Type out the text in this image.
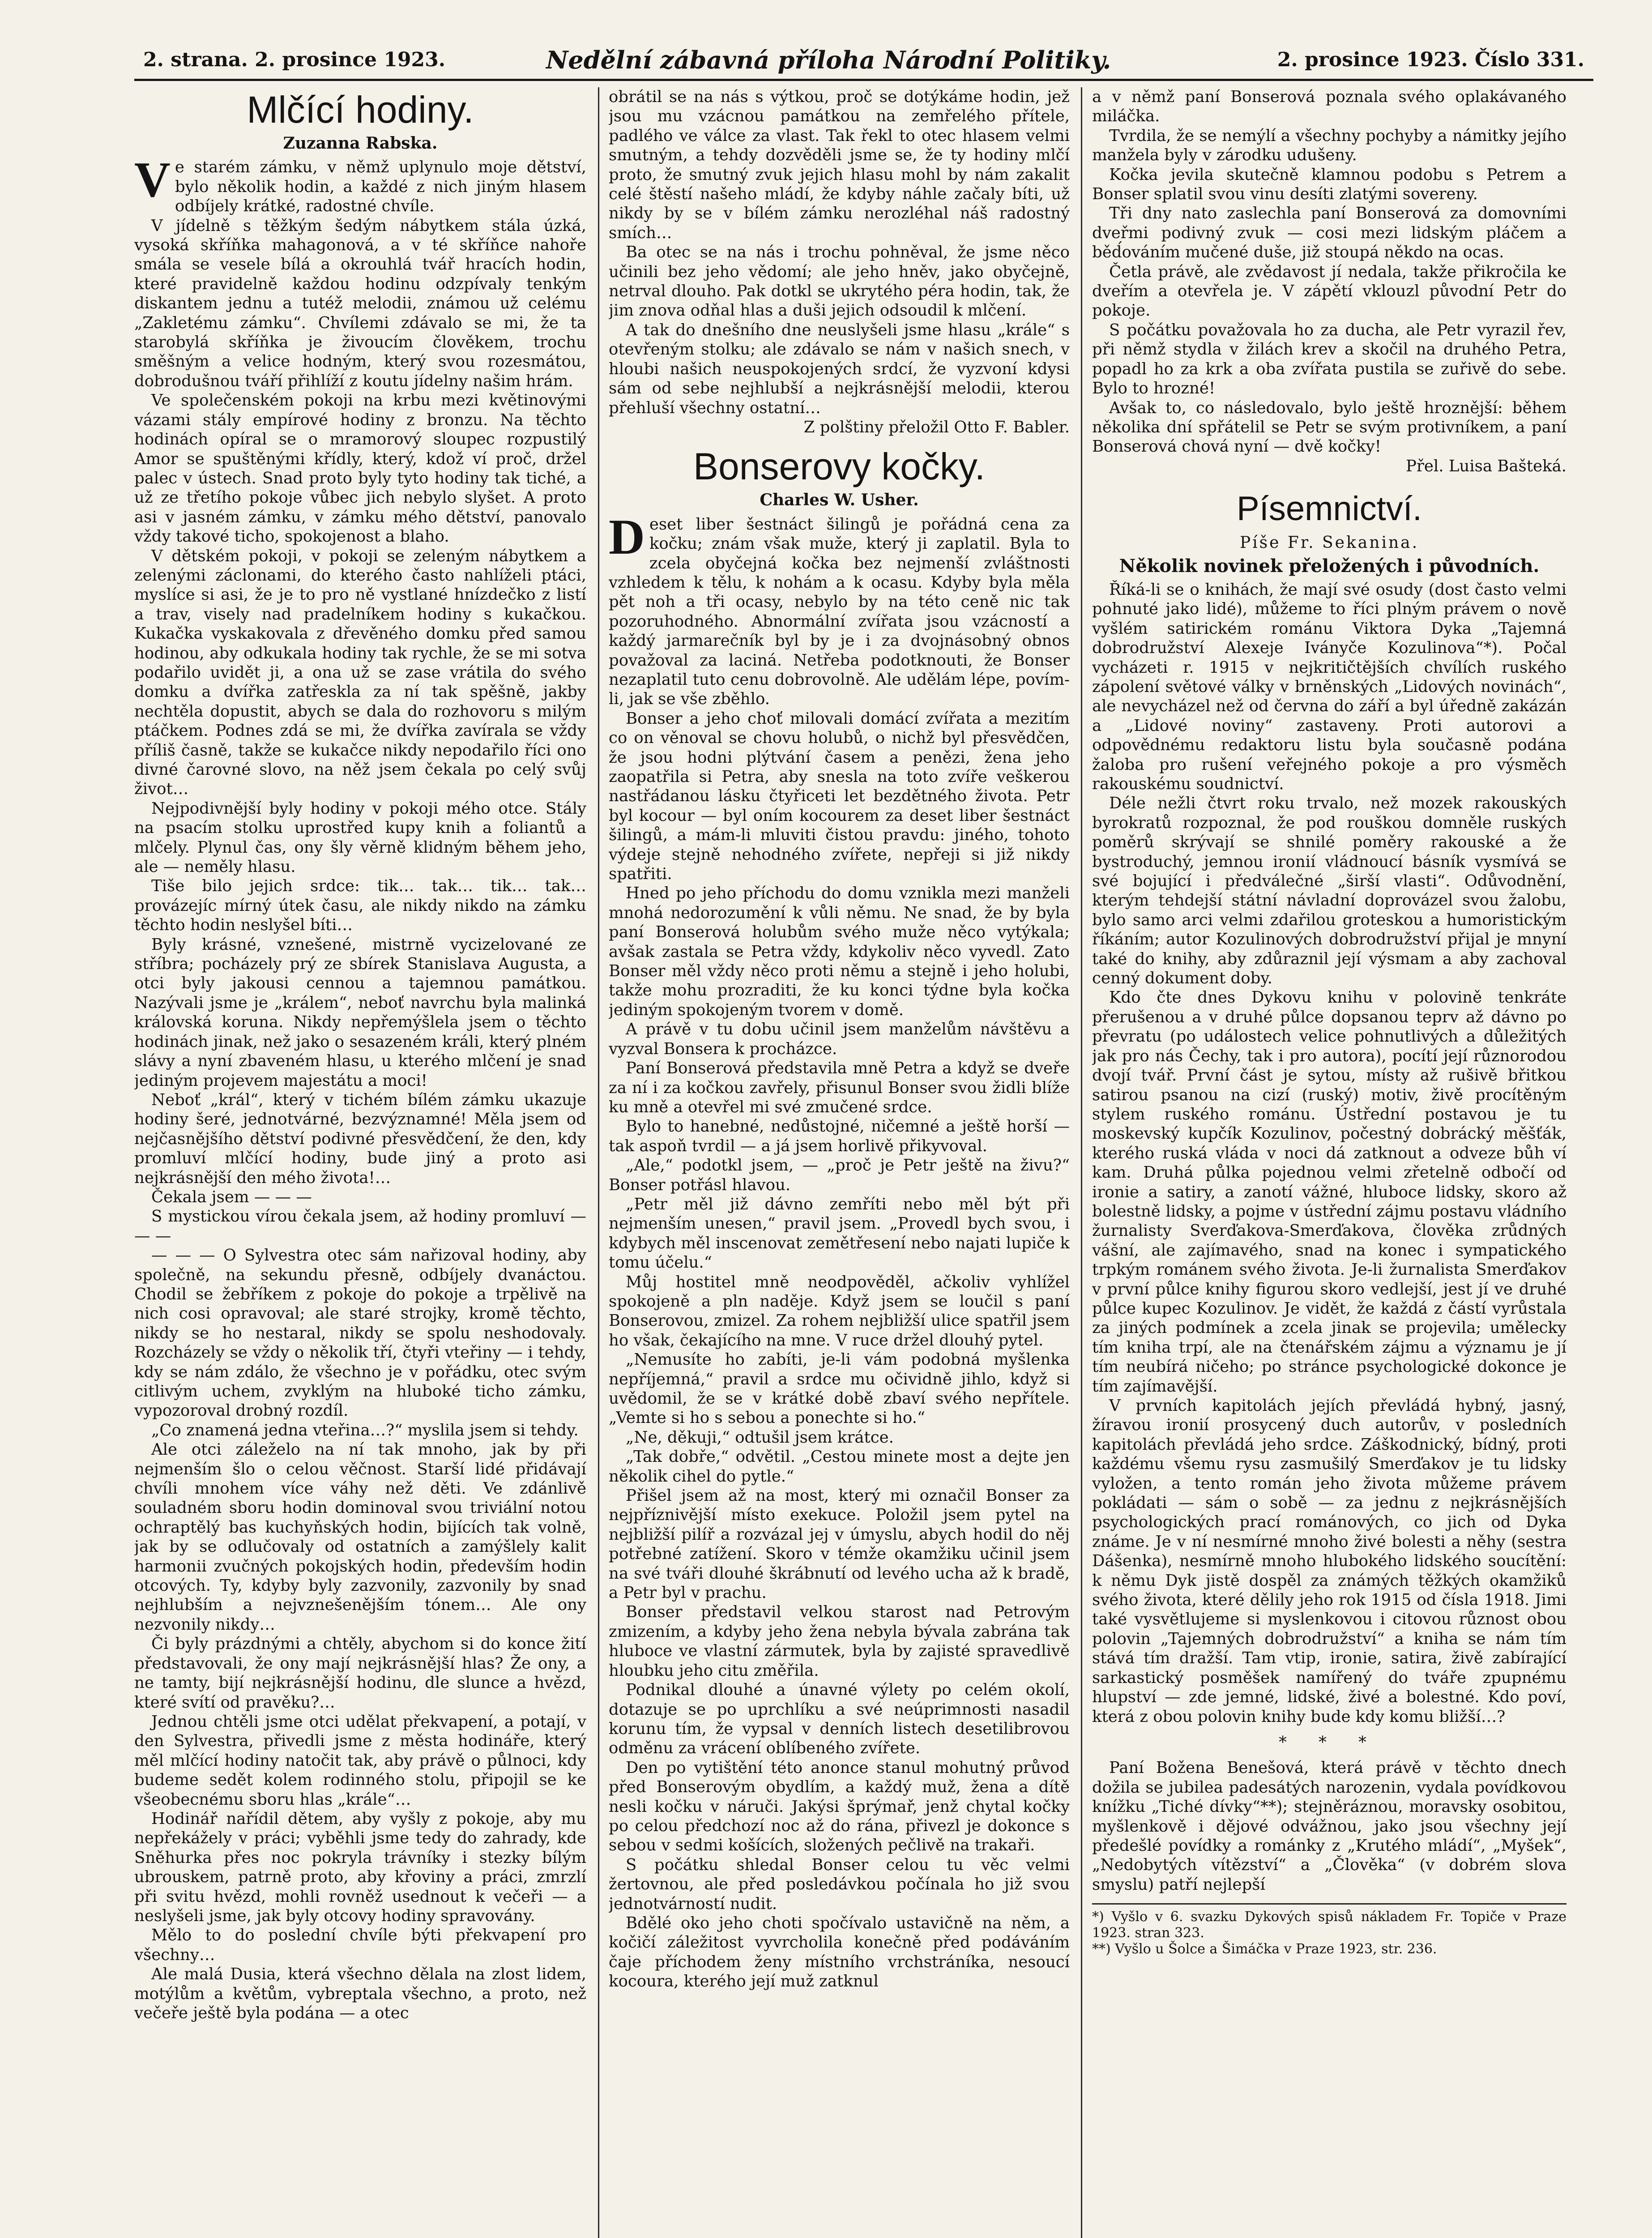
2. strana. 2. prosince 1923.	Nedělní zábavná příloha Národní Politiky.	2. prosince 1923. Číslo 331.
Mlčící hodiny.
Zuzanna Rabska.

Ve starém zámku, v němž uplynulo moje dětství, bylo několik hodin, a každé z nich jiným hlasem odbíjely krátké, radostné chvíle.

V jídelně s těžkým šedým nábytkem stála úzká, vysoká skříňka mahagonová, a v té skříňce nahoře smála se vesele bílá a okrouhlá tvář hracích hodin, které pravidelně každou hodinu odzpívaly tenkým diskantem jednu a tutéž melodii, známou už celému „Zakletému zámku“. Chvílemi zdávalo se mi, že ta starobylá skříňka je živoucím člověkem, trochu směšným a velice hodným, který svou rozesmátou, dobrodušnou tváří přihlíží z koutu jídelny našim hrám.

Ve společenském pokoji na krbu mezi květinovými vázami stály empírové hodiny z bronzu. Na těchto hodinách opíral se o mramorový sloupec rozpustilý Amor se spuštěnými křídly, který, kdož ví proč, držel palec v ústech. Snad proto byly tyto hodiny tak tiché, a už ze třetího pokoje vůbec jich nebylo slyšet. A proto asi v jasném zámku, v zámku mého dětství, panovalo vždy takové ticho, spokojenost a blaho.

V dětském pokoji, v pokoji se zeleným nábytkem a zelenými záclonami, do kterého často nahlíželi ptáci, myslíce si asi, že je to pro ně vystlané hnízdečko z listí a trav, visely nad pradelníkem hodiny s kukačkou. Kukačka vyskakovala z dřevěného domku před samou hodinou, aby odkukala hodiny tak rychle, že se mi sotva podařilo uvidět ji, a ona už se zase vrátila do svého domku a dvířka zatřeskla za ní tak spěšně, jakby nechtěla dopustit, abych se dala do rozhovoru s milým ptáčkem. Podnes zdá se mi, že dvířka zavírala se vždy příliš časně, takže se kukačce nikdy nepodařilo říci ono divné čarovné slovo, na něž jsem čekala po celý svůj život…

Nejpodivnější byly hodiny v pokoji mého otce. Stály na psacím stolku uprostřed kupy knih a foliantů a mlčely. Plynul čas, ony šly věrně klidným během jeho, ale — neměly hlasu.

Tiše bilo jejich srdce: tik… tak… tik… tak… provázejíc mírný útek času, ale nikdy nikdo na zámku těchto hodin neslyšel bíti…

Byly krásné, vznešené, mistrně vycizelované ze stříbra; pocházely prý ze sbírek Stanislava Augusta, a otci byly jakousi cennou a tajemnou památkou. Nazývali jsme je „králem“, neboť navrchu byla malinká královská koruna. Nikdy nepřemýšlela jsem o těchto hodinách jinak, než jako o sesazeném králi, který plném slávy a nyní zbaveném hlasu, u kterého mlčení je snad jediným projevem majestátu a moci!

Neboť „král“, který v tichém bílém zámku ukazuje hodiny šeré, jednotvárné, bezvýznamné! Měla jsem od nejčasnějšího dětství podivné přesvědčení, že den, kdy promluví mlčící hodiny, bude jiný a proto asi nejkrásnější den mého života!…

Čekala jsem — — —

S mystickou vírou čekala jsem, až hodiny promluví — — —

— — — O Sylvestra otec sám nařizoval hodiny, aby společně, na sekundu přesně, odbíjely dvanáctou. Chodil se žebříkem z pokoje do pokoje a trpělivě na nich cosi opravoval; ale staré strojky, kromě těchto, nikdy se ho nestaral, nikdy se spolu neshodovaly. Rozcházely se vždy o několik tří, čtyři vteřiny — i tehdy, kdy se nám zdálo, že všechno je v pořádku, otec svým citlivým uchem, zvyklým na hluboké ticho zámku, vypozoroval drobný rozdíl.

„Co znamená jedna vteřina…?“ myslila jsem si tehdy.

Ale otci záleželo na ní tak mnoho, jak by při nejmenším šlo o celou věčnost. Starší lidé přidávají chvíli mnohem více váhy než děti. Ve zdánlivě souladném sboru hodin dominoval svou triviální notou ochraptělý bas kuchyňských hodin, bijících tak volně, jak by se odlučovaly od ostatních a zamýšlely kalit harmonii zvučných pokojských hodin, především hodin otcových. Ty, kdyby byly zazvonily, zazvonily by snad nejhlubším a nejvznešenějším tónem… Ale ony nezvonily nikdy…

Či byly prázdnými a chtěly, abychom si do konce žití představovali, že ony mají nejkrásnější hlas? Že ony, a ne tamty, bijí nejkrásnější hodinu, dle slunce a hvězd, které svítí od pravěku?…

Jednou chtěli jsme otci udělat překvapení, a potají, v den Sylvestra, přivedli jsme z města hodináře, který měl mlčící hodiny natočit tak, aby právě o půlnoci, kdy budeme sedět kolem rodinného stolu, připojil se ke všeobecnému sboru hlas „krále“…

Hodinář nařídil dětem, aby vyšly z pokoje, aby mu nepřekážely v práci; vyběhli jsme tedy do zahrady, kde Sněhurka přes noc pokryla trávníky i stezky bílým ubrouskem, patrně proto, aby křoviny a práci, zmrzlí při svitu hvězd, mohli rovněž usednout k večeři — a neslyšeli jsme, jak byly otcovy hodiny spravovány.

Mělo to do poslední chvíle býti překvapení pro všechny…

Ale malá Dusia, která všechno dělala na zlost lidem, motýlům a květům, vybreptala všechno, a proto, než večeře ještě byla podána — a otec

obrátil se na nás s výtkou, proč se dotýkáme hodin, jež jsou mu vzácnou památkou na zemřelého přítele, padlého ve válce za vlast. Tak řekl to otec hlasem velmi smutným, a tehdy dozvěděli jsme se, že ty hodiny mlčí proto, že smutný zvuk jejich hlasu mohl by nám zakalit celé štěstí našeho mládí, že kdyby náhle začaly bíti, už nikdy by se v bílém zámku nerozléhal náš radostný smích…

Ba otec se na nás i trochu pohněval, že jsme něco učinili bez jeho vědomí; ale jeho hněv, jako obyčejně, netrval dlouho. Pak dotkl se ukrytého péra hodin, tak, že jim znova odňal hlas a duši jejich odsoudil k mlčení.

A tak do dnešního dne neuslyšeli jsme hlasu „krále“ s otevřeným stolku; ale zdávalo se nám v našich snech, v hloubi našich neuspokojených srdcí, že vyzvoní kdysi sám od sebe nejhlubší a nejkrásnější melodii, kterou přehluší všechny ostatní…

Z polštiny přeložil Otto F. Babler.

Bonserovy kočky.
Charles W. Usher.

Deset liber šestnáct šilingů je pořádná cena za kočku; znám však muže, který ji zaplatil. Byla to zcela obyčejná kočka bez nejmenší zvláštnosti vzhledem k tělu, k nohám a k ocasu. Kdyby byla měla pět noh a tři ocasy, nebylo by na této ceně nic tak pozoruhodného. Abnormální zvířata jsou vzácností a každý jarmarečník byl by je i za dvojnásobný obnos považoval za laciná. Netřeba podotknouti, že Bonser nezaplatil tuto cenu dobrovolně. Ale udělám lépe, povím-li, jak se vše zběhlo.

Bonser a jeho choť milovali domácí zvířata a mezitím co on věnoval se chovu holubů, o nichž byl přesvědčen, že jsou hodni plýtvání časem a penězi, žena jeho zaopatřila si Petra, aby snesla na toto zvíře veškerou nastřádanou lásku čtyřiceti let bezdětného života. Petr byl kocour — byl oním kocourem za deset liber šestnáct šilingů, a mám-li mluviti čistou pravdu: jiného, tohoto výdeje stejně nehodného zvířete, nepřeji si již nikdy spatřiti.

Hned po jeho příchodu do domu vznikla mezi manželi mnohá nedorozumění k vůli němu. Ne snad, že by byla paní Bonserová holubům svého muže něco vytýkala; avšak zastala se Petra vždy, kdykoliv něco vyvedl. Zato Bonser měl vždy něco proti němu a stejně i jeho holubi, takže mohu prozraditi, že ku konci týdne byla kočka jediným spokojeným tvorem v domě.

A právě v tu dobu učinil jsem manželům návštěvu a vyzval Bonsera k procházce.

Paní Bonserová představila mně Petra a když se dveře za ní i za kočkou zavřely, přisunul Bonser svou židli blíže ku mně a otevřel mi své zmučené srdce.

Bylo to hanebné, nedůstojné, ničemné a ještě horší — tak aspoň tvrdil — a já jsem horlivě přikyvoval.

„Ale,“ podotkl jsem, — „proč je Petr ještě na živu?“ Bonser potřásl hlavou.

„Petr měl již dávno zemříti nebo měl být při nejmenším unesen,“ pravil jsem. „Provedl bych svou, i kdybych měl inscenovat zemětřesení nebo najati lupiče k tomu účelu.“

Můj hostitel mně neodpověděl, ačkoliv vyhlížel spokojeně a pln naděje. Když jsem se loučil s paní Bonserovou, zmizel. Za rohem nejbližší ulice spatřil jsem ho však, čekajícího na mne. V ruce držel dlouhý pytel.

„Nemusíte ho zabíti, je-li vám podobná myšlenka nepříjemná,“ pravil a srdce mu očividně jihlo, když si uvědomil, že se v krátké době zbaví svého nepřítele. „Vemte si ho s sebou a ponechte si ho.“

„Ne, děkuji,“ odtušil jsem krátce.

„Tak dobře,“ odvětil. „Cestou minete most a dejte jen několik cihel do pytle.“

Přišel jsem až na most, který mi označil Bonser za nejpříznivější místo exekuce. Položil jsem pytel na nejbližší pilíř a rozvázal jej v úmyslu, abych hodil do něj potřebné zatížení. Skoro v témže okamžiku učinil jsem na své tváři dlouhé škrábnutí od levého ucha až k bradě, a Petr byl v prachu.

Bonser představil velkou starost nad Petrovým zmizením, a kdyby jeho žena nebyla bývala zabrána tak hluboce ve vlastní zármutek, byla by zajisté spravedlivě hloubku jeho citu změřila.

Podnikal dlouhé a únavné výlety po celém okolí, dotazuje se po uprchlíku a své neúprimnosti nasadil korunu tím, že vypsal v denních listech desetilibrovou odměnu za vrácení oblíbeného zvířete.

Den po vytištění této anonce stanul mohutný průvod před Bonserovým obydlím, a každý muž, žena a dítě nesli kočku v náruči. Jakýsi šprýmař, jenž chytal kočky po celou předchozí noc až do rána, přivezl je dokonce s sebou v sedmi košících, složených pečlivě na trakaři.

S počátku shledal Bonser celou tu věc velmi žertovnou, ale před posledávkou počínala ho již svou jednotvárností nudit.

Bdělé oko jeho choti spočívalo ustavičně na něm, a kočičí záležitost vyvrcholila konečně před podáváním čaje příchodem ženy místního vrchstráníka, nesoucí kocoura, kterého její muž zatknul

a v němž paní Bonserová poznala svého oplakávaného miláčka.

Tvrdila, že se nemýlí a všechny pochyby a námitky jejího manžela byly v zárodku udušeny.

Kočka jevila skutečně klamnou podobu s Petrem a Bonser splatil svou vinu desíti zlatými sovereny.

Tři dny nato zaslechla paní Bonserová za domovními dveřmi podivný zvuk — cosi mezi lidským pláčem a běd́ováním mučené duše, již stoupá někdo na ocas.

Četla právě, ale zvědavost jí nedala, takže přikročila ke dveřím a otevřela je. V zápětí vklouzl původní Petr do pokoje.

S počátku považovala ho za ducha, ale Petr vyrazil řev, při němž stydla v žilách krev a skočil na druhého Petra, popadl ho za krk a oba zvířata pustila se zuřivě do sebe. Bylo to hrozné!

Avšak to, co následovalo, bylo ještě hroznější: během několika dní spřátelil se Petr se svým protivníkem, a paní Bonserová chová nyní — dvě kočky!

Přel. Luisa Bašteká.

Písemnictví.
Píše Fr. Sekanina.
Několik novinek přeložených i původních.

Říká-li se o knihách, že mají své osudy (dost často velmi pohnuté jako lidé), můžeme to říci plným právem o nově vyšlém satirickém románu Viktora Dyka „Tajemná dobrodružství Alexeje Iványče Kozulinova“*). Počal vycházeti r. 1915 v nejkritičtějších chvílích ruského zápolení světové války v brněnských „Lidových novinách“, ale nevycházel než od června do září a byl úředně zakázán a „Lidové noviny“ zastaveny. Proti autorovi a odpovědnému redaktoru listu byla současně podána žaloba pro rušení veřejného pokoje a pro výsměch rakouskému soudnictví.

Déle nežli čtvrt roku trvalo, než mozek rakouských byrokratů rozpoznal, že pod rouškou domněle ruských poměrů skrývají se shnilé poměry rakouské a že bystroduchý, jemnou ironií vládnoucí básník vysmívá se své bojující i předválečné „širší vlasti“. Odůvodnění, kterým tehdejší státní návladní doprovázel svou žalobu, bylo samo arci velmi zdařilou groteskou a humoristickým říkáním; autor Kozulinových dobrodružství přijal je mnyní také do knihy, aby zdůraznil její výsmam a aby zachoval cenný dokument doby.

Kdo čte dnes Dykovu knihu v polovině tenkráte přerušenou a v druhé půlce dopsanou teprv až dávno po převratu (po událostech velice pohnutlivých a důležitých jak pro nás Čechy, tak i pro autora), pocítí její různorodou dvojí tvář. První část je sytou, místy až rušivě břitkou satirou psanou na cizí (ruský) motiv, živě procítěným stylem ruského románu. Ústřední postavou je tu moskevský kupčík Kozulinov, počestný dobrácký měšťák, kterého ruská vláda v noci dá zatknout a odveze bůh ví kam. Druhá půlka pojednou velmi zřetelně odbočí od ironie a satiry, a zanotí vážné, hluboce lidsky, skoro až bolestně lidsky, a pojme v ústřední zájmu postavu vládního žurnalisty Sverďakova-Smerďakova, člověka zrůdných vášní, ale zajímavého, snad na konec i sympatického trpkým románem svého života. Je-li žurnalista Smerďakov v první půlce knihy figurou skoro vedlejší, jest jí ve druhé půlce kupec Kozulinov. Je vidět, že každá z částí vyrůstala za jiných podmínek a zcela jinak se projevila; umělecky tím kniha trpí, ale na čtenářském zájmu a významu je jí tím neubírá ničeho; po stránce psychologické dokonce je tím zajímavější.

V prvních kapitolách jejích převládá hybný, jasný, žíravou ironií prosycený duch autorův, v posledních kapitolách převládá jeho srdce. Záškodnický, bídný, proti každému všemu rysu zasmušilý Smerďakov je tu lidsky vyložen, a tento román jeho života můžeme právem pokládati — sám o sobě — za jednu z nejkrásnějších psychologických prací románových, co jich od Dyka známe. Je v ní nesmírné mnoho živé bolesti a něhy (sestra Dášenka), nesmírně mnoho hlubokého lidského soucítění: k němu Dyk jistě dospěl za známých těžkých okamžiků svého života, které dělily jeho rok 1915 od čísla 1918. Jimi také vysvětlujeme si myslenkovou i citovou různost obou polovin „Tajemných dobrodružství“ a kniha se nám tím stává tím dražší. Tam vtip, ironie, satira, živě zabírající sarkastický posměšek namířený do tváře zpupnému hlupství — zde jemné, lidské, živé a bolestné. Kdo poví, která z obou polovin knihy bude kdy komu bližší…?

* * *

Paní Božena Benešová, která právě v těchto dnech dožila se jubilea padesátých narozenin, vydala povídkovou knížku „Tiché dívky“**); stejněráznou, moravsky osobitou, myšlenkově i dějové odvážnou, jako jsou všechny její předešlé povídky a románky z „Krutého mládí“, „Myšek“, „Nedobytých vítězství“ a „Člověka“ (v dobrém slova smyslu) patří nejlepší

*) Vyšlo v 6. svazku Dykových spisů nákladem Fr. Topiče v Praze 1923. stran 323.

**) Vyšlo u Šolce a Šimáčka v Praze 1923, str. 236.
